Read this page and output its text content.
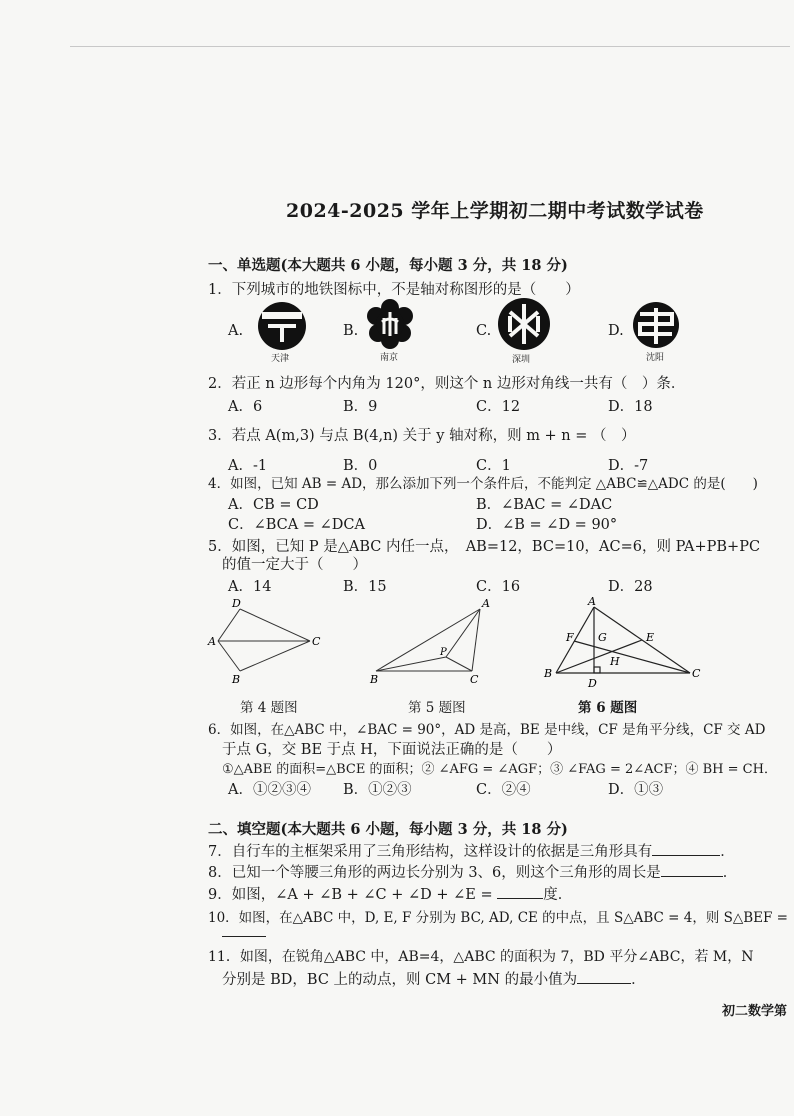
2024-2025 学年上学期初二期中考试数学试卷
一、单选题(本大题共 6 小题，每小题 3 分，共 18 分)
1．下列城市的地铁图标中，不是轴对称图形的是（　　）
A.	B.	C.	D.
天津	南京	深圳	沈阳
2．若正 n 边形每个内角为 120°，则这个 n 边形对角线一共有（　）条．
A．6	B．9	C．12	D．18
3．若点 A(m,3) 与点 B(4,n) 关于 y 轴对称，则 m + n = （　）
A．-1	B．0	C．1	D．-7
4．如图，已知 AB = AD，那么添加下列一个条件后，不能判定 △ABC≌△ADC 的是(　　)
A．CB = CD	B．∠BAC = ∠DAC
C．∠BCA = ∠DCA	D．∠B = ∠D = 90°
5．如图，已知 P 是△ABC 内任一点，　AB=12，BC=10，AC=6，则 PA+PB+PC
的值一定大于（　　）
A．14	B．15	C．16	D．28
D
A	C
B
A
B	C
P
A
F G	E
H
B
D
C
第 4 题图	第 5 题图	第 6 题图
6．如图，在△ABC 中，∠BAC = 90°，AD 是高，BE 是中线，CF 是角平分线，CF 交 AD
于点 G，交 BE 于点 H，下面说法正确的是（　　）
①△ABE 的面积=△BCE 的面积；② ∠AFG = ∠AGF；③ ∠FAG = 2∠ACF；④ BH = CH．
A．①②③④ B．①②③	C．②④	D．①③
二、填空题(本大题共 6 小题，每小题 3 分，共 18 分)
7．自行车的主框架采用了三角形结构，这样设计的依据是三角形具有	．
8．已知一个等腰三角形的两边长分别为 3、6，则这个三角形的周长是	．
9．如图，∠A + ∠B + ∠C + ∠D + ∠E =	度．
10．如图，在△ABC 中，D, E, F 分别为 BC, AD, CE 的中点，且 S△ABC = 4，则 S△BEF =
11．如图，在锐角△ABC 中，AB=4，△ABC 的面积为 7，BD 平分∠ABC，若 M，N
分别是 BD，BC 上的动点，则 CM + MN 的最小值为	．
初二数学第
